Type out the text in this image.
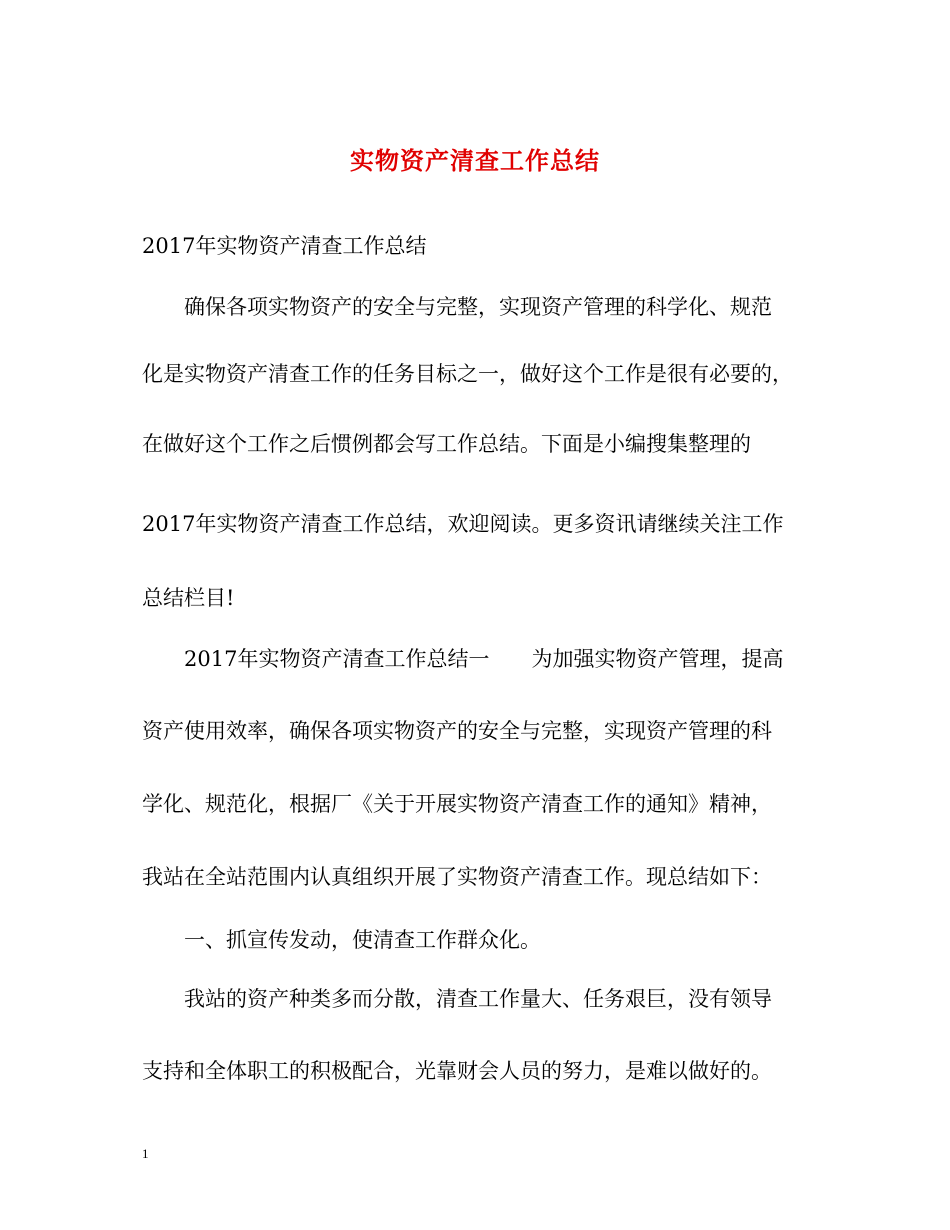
实物资产清查工作总结
2017年实物资产清查工作总结
确保各项实物资产的安全与完整，实现资产管理的科学化、规范
化是实物资产清查工作的任务目标之一，做好这个工作是很有必要的，
在做好这个工作之后惯例都会写工作总结。下面是小编搜集整理的
2017年实物资产清查工作总结，欢迎阅读。更多资讯请继续关注工作
总结栏目!
2017年实物资产清查工作总结一 为加强实物资产管理，提高
资产使用效率，确保各项实物资产的安全与完整，实现资产管理的科
学化、规范化，根据厂《关于开展实物资产清查工作的通知》精神，
我站在全站范围内认真组织开展了实物资产清查工作。现总结如下：
一、抓宣传发动，使清查工作群众化。
我站的资产种类多而分散，清查工作量大、任务艰巨，没有领导
支持和全体职工的积极配合，光靠财会人员的努力，是难以做好的。
1
